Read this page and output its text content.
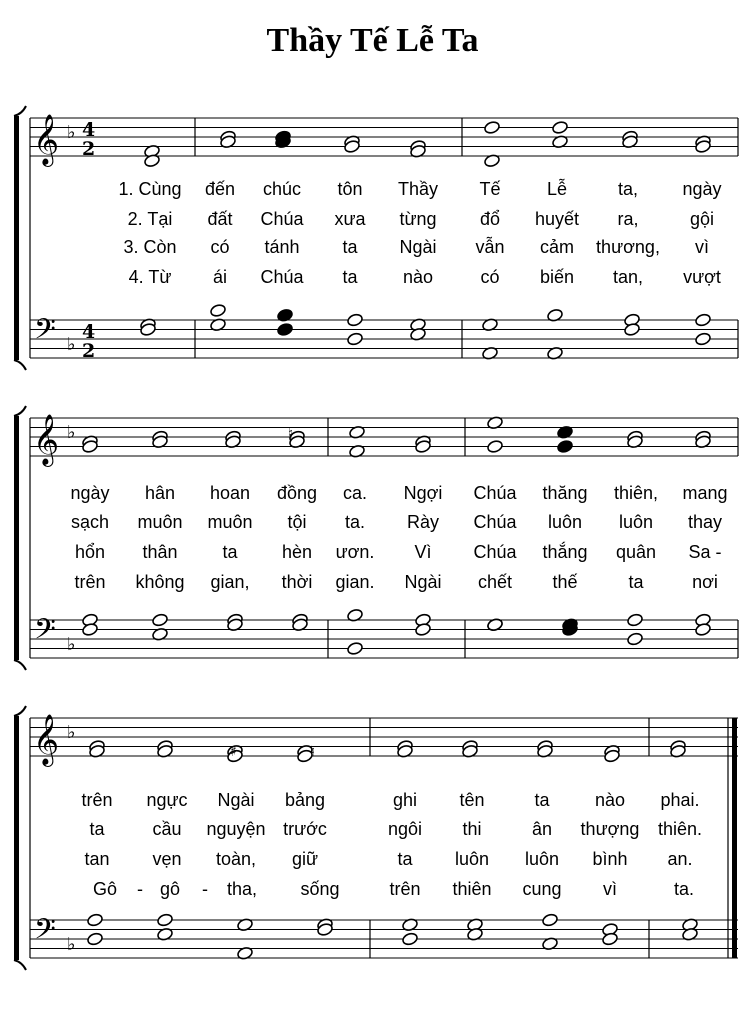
Thầy Tế Lễ Ta
𝄞
𝄢
♭
♭
4
2
4
2
𝄞
𝄢
♭
♭
𝄞
𝄢
♭
♭
♯	♮
♮
1. Cùng đến chúc tôn Thầy Tế	Lễ	ta, ngày
2. Tại đất Chúa xưa từng đổ huyết ra,	gội
3. Còn có tánh ta Ngài vẫn cảm thương, vì
4. Từ ái Chúa ta	nào	có biến tan, vượt
ngày hân hoan đồng ca. Ngợi Chúa thăng thiên, mang
sạch muôn muôn tội ta. Rày Chúa luôn luôn thay
hổn thân ta hèn ươn. Vì Chúa thắng quân Sa -
trên không gian, thời gian. Ngài chết thế	ta	nơi
trên ngực Ngài bảng	ghi tên	ta	nào phai.
ta	cầu nguyện trước	ngôi thi	ân thượng thiên.
tan vẹn toàn, giữ	ta luôn luôn bình an.
Gô - gô - tha, sống	trên thiên cung vì	ta.
